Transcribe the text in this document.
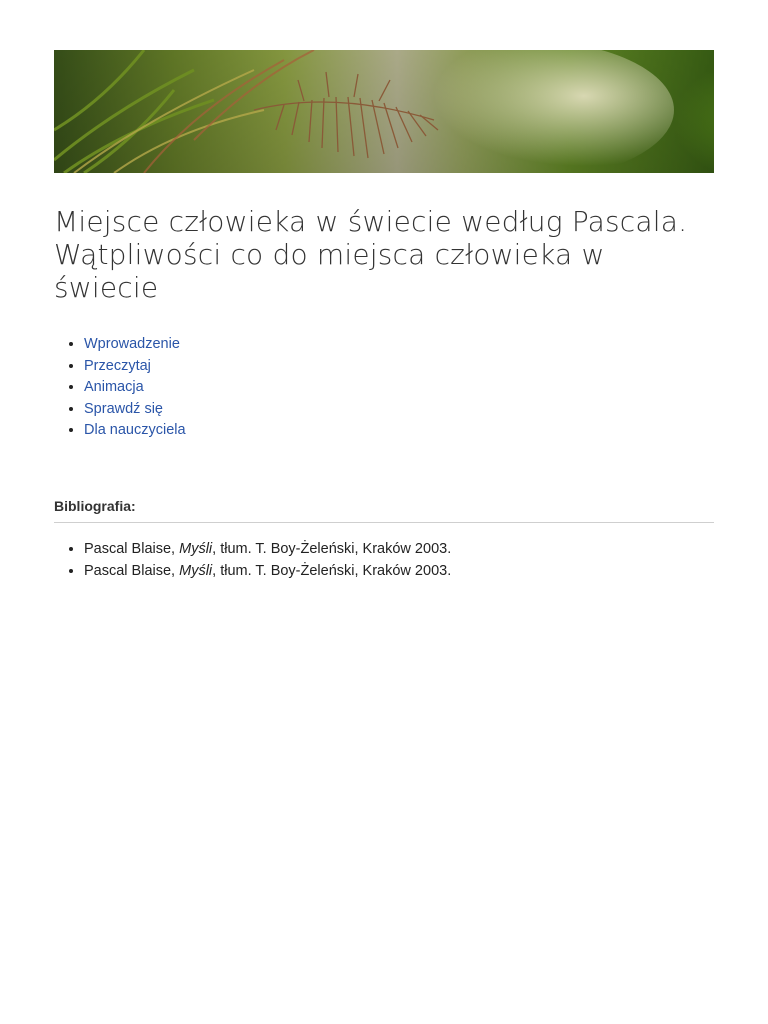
Miejsce człowieka w świecie według Pascala.
Wątpliwości co do miejsca człowieka w świecie
• Wprowadzenie
• Przeczytaj
• Animacja
• Sprawdź się
• Dla nauczyciela
Bibliografia:
• Pascal Blaise, Myśli, tłum. T. Boy-Żeleński, Kraków 2003.
• Pascal Blaise, Myśli, tłum. T. Boy-Żeleński, Kraków 2003.
